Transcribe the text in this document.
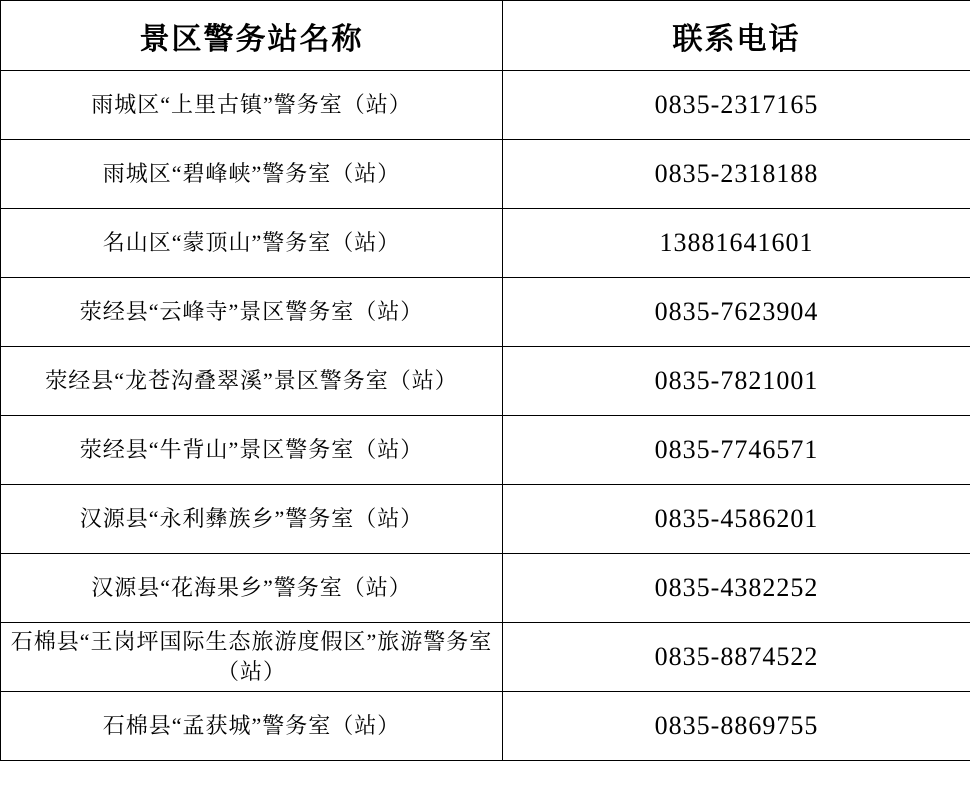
景区警务站名称	联系电话
雨城区“上里古镇”警务室（站）	0835-2317165
雨城区“碧峰峡”警务室（站）	0835-2318188
名山区“蒙顶山”警务室（站）	13881641601
荥经县“云峰寺”景区警务室（站）	0835-7623904
荥经县“龙苍沟叠翠溪”景区警务室（站）	0835-7821001
荥经县“牛背山”景区警务室（站）	0835-7746571
汉源县“永利彝族乡”警务室（站）	0835-4586201
汉源县“花海果乡”警务室（站）	0835-4382252
石棉县“王岗坪国际生态旅游度假区”旅游警务室（站）	0835-8874522
石棉县“孟获城”警务室（站）	0835-8869755
